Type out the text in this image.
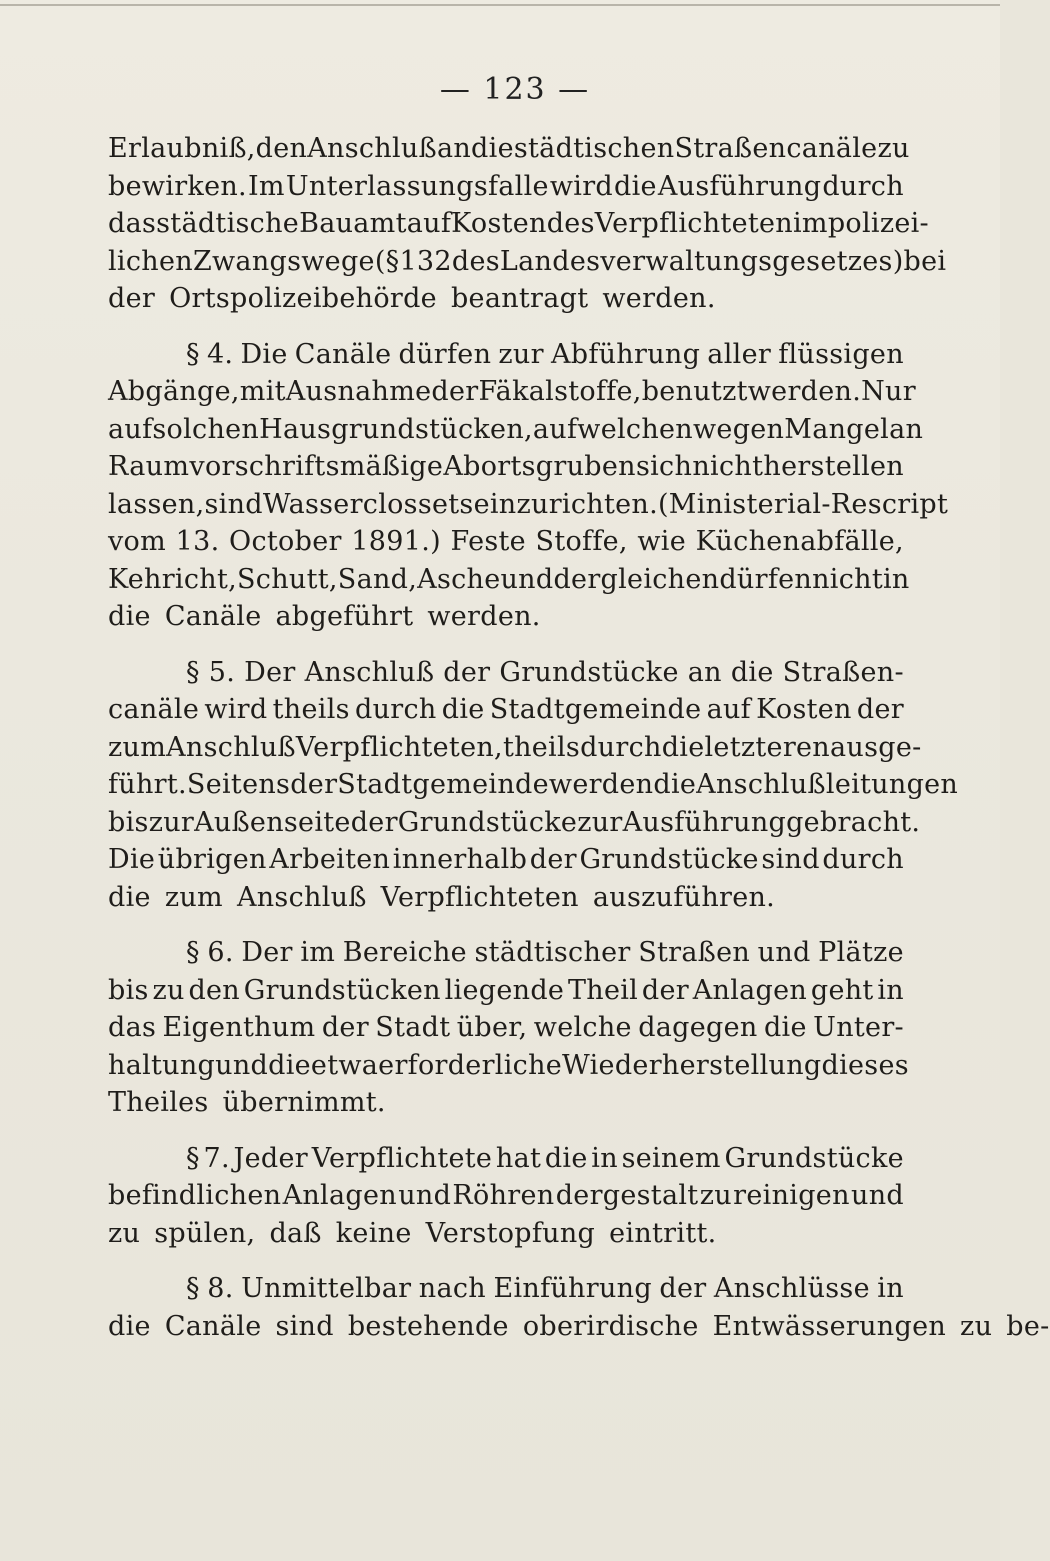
— 123 —
Erlaubniß, den Anschluß an die städtischen Straßencanäle zu
bewirken. Im Unterlassungsfalle wird die Ausführung durch
das städtische Bauamt auf Kosten des Verpflichteten im polizei-
lichen Zwangswege (§ 132 des Landesverwaltungsgesetzes) bei
der Ortspolizeibehörde beantragt werden.
§ 4. Die Canäle dürfen zur Abführung aller flüssigen
Abgänge, mit Ausnahme der Fäkalstoffe, benutzt werden. Nur
auf solchen Hausgrundstücken, auf welchen wegen Mangel an
Raum vorschriftsmäßige Abortsgruben sich nicht herstellen
lassen, sind Wasserclossets einzurichten. (Ministerial-Rescript
vom 13. October 1891.) Feste Stoffe, wie Küchenabfälle,
Kehricht, Schutt, Sand, Asche und dergleichen dürfen nicht in
die Canäle abgeführt werden.
§ 5. Der Anschluß der Grundstücke an die Straßen-
canäle wird theils durch die Stadtgemeinde auf Kosten der
zum Anschluß Verpflichteten, theils durch die letzteren ausge-
führt. Seitens der Stadtgemeinde werden die Anschlußleitungen
bis zur Außenseite der Grundstücke zur Ausführung gebracht.
Die übrigen Arbeiten innerhalb der Grundstücke sind durch
die zum Anschluß Verpflichteten auszuführen.
§ 6. Der im Bereiche städtischer Straßen und Plätze
bis zu den Grundstücken liegende Theil der Anlagen geht in
das Eigenthum der Stadt über, welche dagegen die Unter-
haltung und die etwa erforderliche Wiederherstellung dieses
Theiles übernimmt.
§ 7. Jeder Verpflichtete hat die in seinem Grundstücke
befindlichen Anlagen und Röhren dergestalt zu reinigen und
zu spülen, daß keine Verstopfung eintritt.
§ 8. Unmittelbar nach Einführung der Anschlüsse in
die Canäle sind bestehende oberirdische Entwässerungen zu be-
